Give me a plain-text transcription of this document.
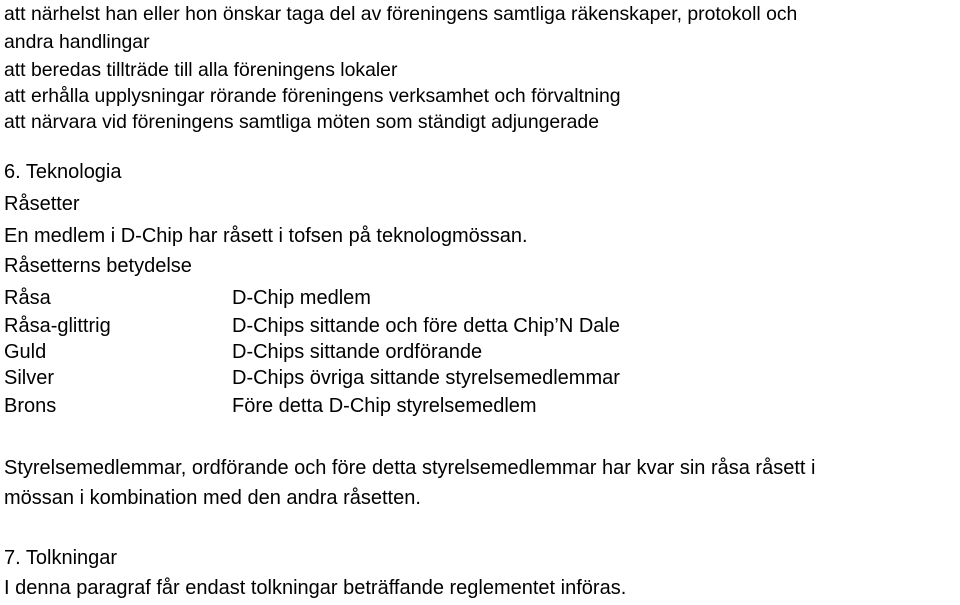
att närhelst han eller hon önskar taga del av föreningens samtliga räkenskaper, protokoll och
andra handlingar
att beredas tillträde till alla föreningens lokaler
att erhålla upplysningar rörande föreningens verksamhet och förvaltning
att närvara vid föreningens samtliga möten som ständigt adjungerade
6. Teknologia
Råsetter
En medlem i D-Chip har råsett i tofsen på teknologmössan.
Råsetterns betydelse
Råsa	D-Chip medlem
Råsa-glittrig	D-Chips sittande och före detta Chip’N Dale
Guld	D-Chips sittande ordförande
Silver	D-Chips övriga sittande styrelsemedlemmar
Brons	Före detta D-Chip styrelsemedlem
Styrelsemedlemmar, ordförande och före detta styrelsemedlemmar har kvar sin råsa råsett i
mössan i kombination med den andra råsetten.
7. Tolkningar
I denna paragraf får endast tolkningar beträffande reglementet införas.
